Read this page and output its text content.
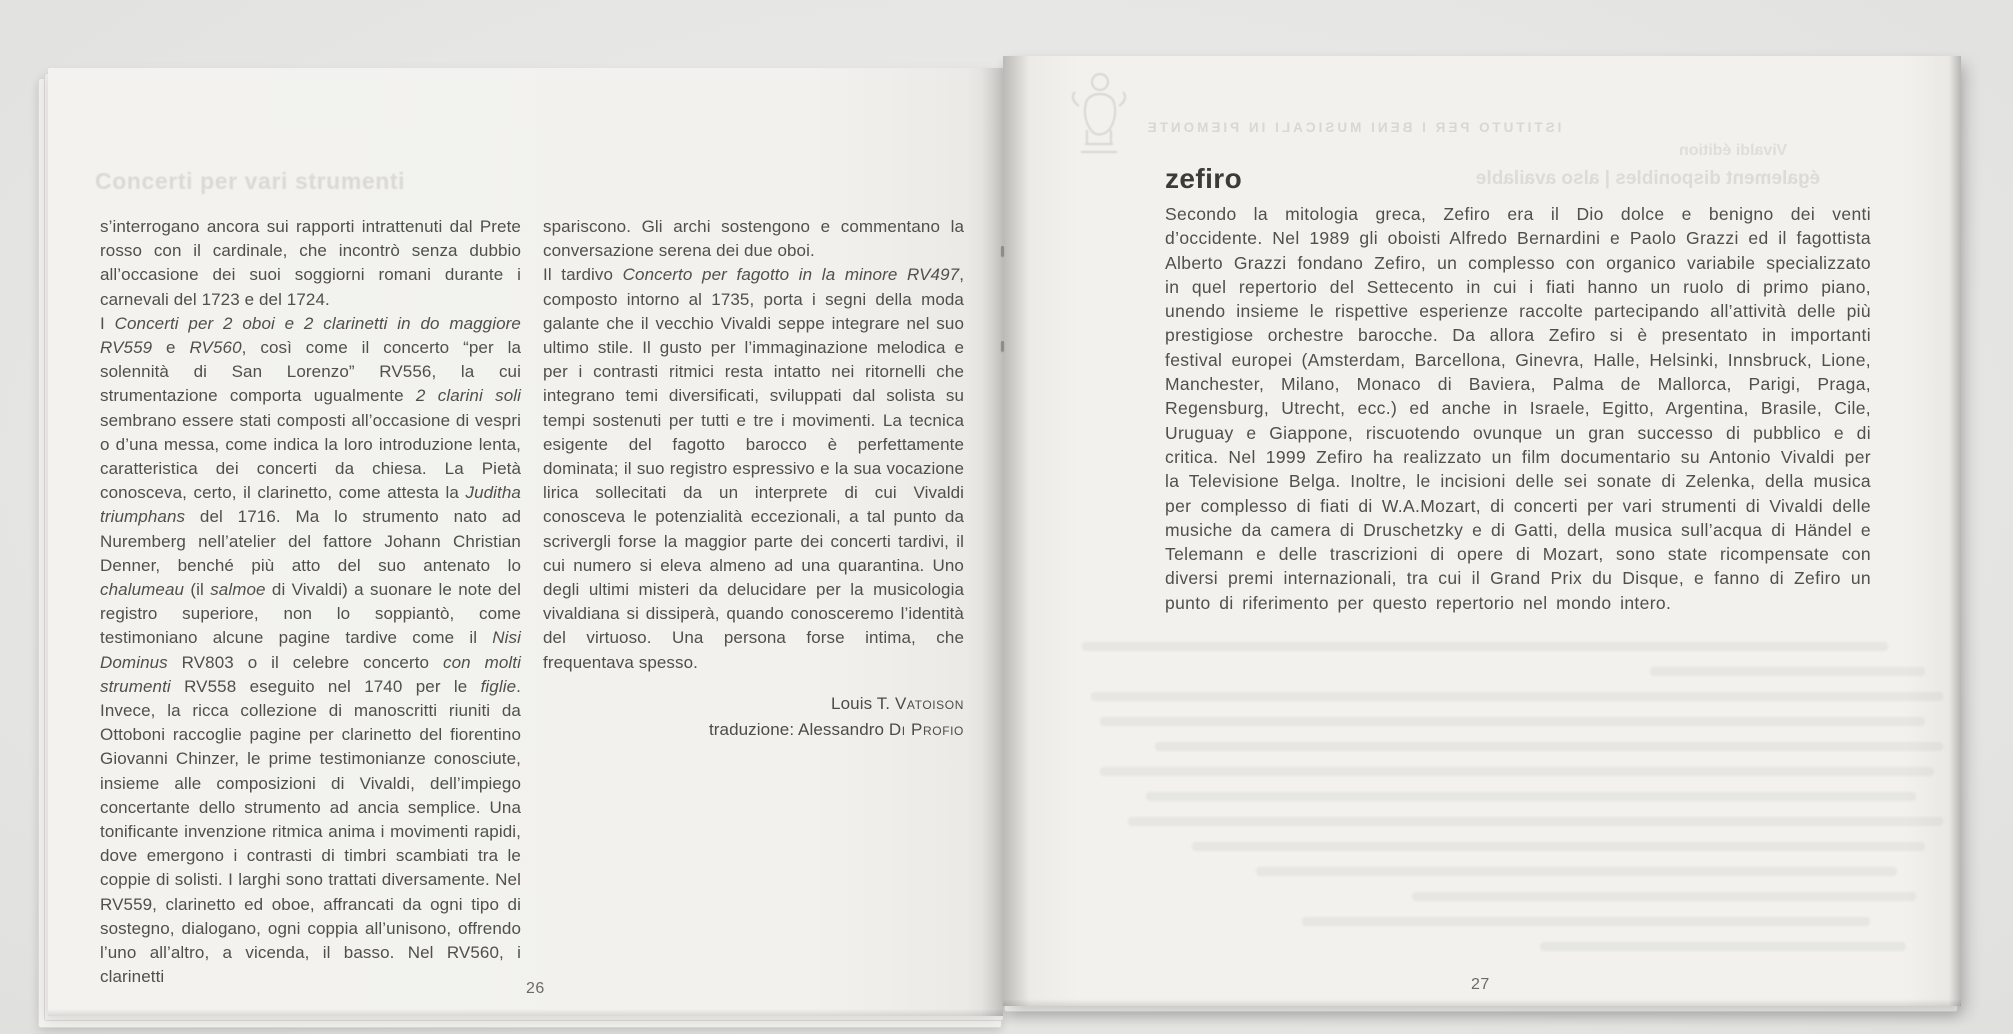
Concerti per vari strumenti

s’interrogano ancora sui rapporti intrattenuti dal Prete rosso con il cardinale, che incontrò senza dubbio all’occasione dei suoi soggiorni romani durante i carnevali del 1723 e del 1724.

I Concerti per 2 oboi e 2 clarinetti in do maggiore RV559 e RV560, così come il concerto “per la solennità di San Lorenzo” RV556, la cui strumentazione comporta ugualmente 2 clarini soli sembrano essere stati composti all’occasione di vespri o d’una messa, come indica la loro introduzione lenta, caratteristica dei concerti da chiesa. La Pietà conosceva, certo, il clarinetto, come attesta la Juditha triumphans del 1716. Ma lo strumento nato ad Nuremberg nell’atelier del fattore Johann Christian Denner, benché più atto del suo antenato lo chalumeau (il salmoe di Vivaldi) a suonare le note del registro superiore, non lo soppiantò, come testimoniano alcune pagine tardive come il Nisi Dominus RV803 o il celebre concerto con molti strumenti RV558 eseguito nel 1740 per le figlie. Invece, la ricca collezione di manoscritti riuniti da Ottoboni raccoglie pagine per clarinetto del fiorentino Giovanni Chinzer, le prime testimonianze conosciute, insieme alle composizioni di Vivaldi, dell’impiego concertante dello strumento ad ancia semplice. Una tonificante invenzione ritmica anima i movimenti rapidi, dove emergono i contrasti di timbri scambiati tra le coppie di solisti. I larghi sono trattati diversamente. Nel RV559, clarinetto ed oboe, affrancati da ogni tipo di sostegno, dialogano, ogni coppia all’unisono, offrendo l’uno all’altro, a vicenda, il basso. Nel RV560, i clarinetti

spariscono. Gli archi sostengono e commentano la conversazione serena dei due oboi.

Il tardivo Concerto per fagotto in la minore RV497, composto intorno al 1735, porta i segni della moda galante che il vecchio Vivaldi seppe integrare nel suo ultimo stile. Il gusto per l’immaginazione melodica e per i contrasti ritmici resta intatto nei ritornelli che integrano temi diversificati, sviluppati dal solista su tempi sostenuti per tutti e tre i movimenti. La tecnica esigente del fagotto barocco è perfettamente dominata; il suo registro espressivo e la sua vocazione lirica sollecitati da un interprete di cui Vivaldi conosceva le potenzialità eccezionali, a tal punto da scrivergli forse la maggior parte dei concerti tardivi, il cui numero si eleva almeno ad una quarantina. Uno degli ultimi misteri da delucidare per la musicologia vivaldiana si dissiperà, quando conosceremo l’identità del virtuoso. Una persona forse intima, che frequentava spesso.

Louis T. Vatoison
traduzione: Alessandro Di Profio
26
ISTITUTO PER I BENI MUSICALI IN PIEMONTE
Vivaldi édition
également disponibles | also available
zefiro

Secondo la mitologia greca, Zefiro era il Dio dolce e benigno dei venti d’occidente. Nel 1989 gli oboisti Alfredo Bernardini e Paolo Grazzi ed il fagottista Alberto Grazzi fondano Zefiro, un complesso con organico variabile specializzato in quel repertorio del Settecento in cui i fiati hanno un ruolo di primo piano, unendo insieme le rispettive esperienze raccolte partecipando all’attività delle più prestigiose orchestre barocche. Da allora Zefiro si è presentato in importanti festival europei (Amsterdam, Barcellona, Ginevra, Halle, Helsinki, Innsbruck, Lione, Manchester, Milano, Monaco di Baviera, Palma de Mallorca, Parigi, Praga, Regensburg, Utrecht, ecc.) ed anche in Israele, Egitto, Argentina, Brasile, Cile, Uruguay e Giappone, riscuotendo ovunque un gran successo di pubblico e di critica. Nel 1999 Zefiro ha realizzato un film documentario su Antonio Vivaldi per la Televisione Belga. Inoltre, le incisioni delle sei sonate di Zelenka, della musica per complesso di fiati di W.A.Mozart, di concerti per vari strumenti di Vivaldi delle musiche da camera di Druschetzky e di Gatti, della musica sull’acqua di Händel e Telemann e delle trascrizioni di opere di Mozart, sono state ricompensate con diversi premi internazionali, tra cui il Grand Prix du Disque, e fanno di Zefiro un punto di riferimento per questo repertorio nel mondo intero.

27
